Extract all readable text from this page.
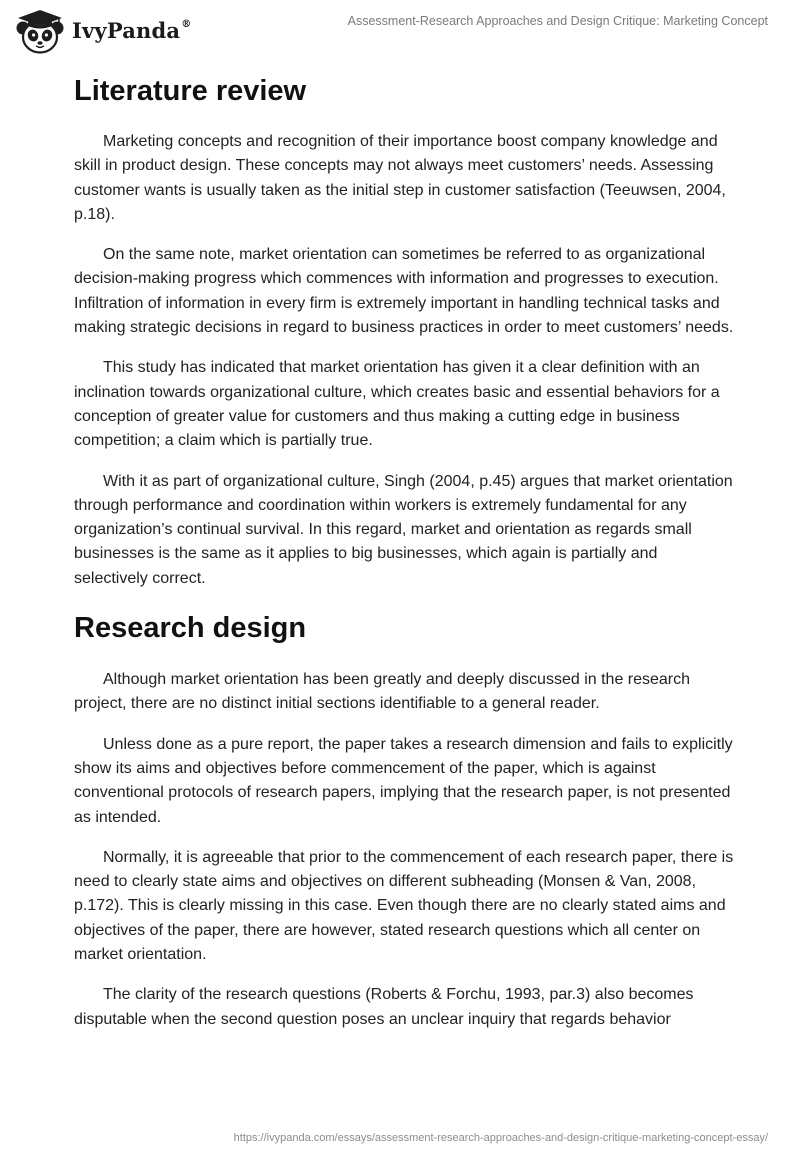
IvyPanda®	Assessment-Research Approaches and Design Critique: Marketing Concept
Literature review

Marketing concepts and recognition of their importance boost company knowledge and skill in product design. These concepts may not always meet customers’ needs. Assessing customer wants is usually taken as the initial step in customer satisfaction (Teeuwsen, 2004, p.18).

On the same note, market orientation can sometimes be referred to as organizational decision-making progress which commences with information and progresses to execution. Infiltration of information in every firm is extremely important in handling technical tasks and making strategic decisions in regard to business practices in order to meet customers’ needs.

This study has indicated that market orientation has given it a clear definition with an inclination towards organizational culture, which creates basic and essential behaviors for a conception of greater value for customers and thus making a cutting edge in business competition; a claim which is partially true.

With it as part of organizational culture, Singh (2004, p.45) argues that market orientation through performance and coordination within workers is extremely fundamental for any organization’s continual survival. In this regard, market and orientation as regards small businesses is the same as it applies to big businesses, which again is partially and selectively correct.

Research design

Although market orientation has been greatly and deeply discussed in the research project, there are no distinct initial sections identifiable to a general reader.

Unless done as a pure report, the paper takes a research dimension and fails to explicitly show its aims and objectives before commencement of the paper, which is against conventional protocols of research papers, implying that the research paper, is not presented as intended.

Normally, it is agreeable that prior to the commencement of each research paper, there is need to clearly state aims and objectives on different subheading (Monsen & Van, 2008, p.172). This is clearly missing in this case. Even though there are no clearly stated aims and objectives of the paper, there are however, stated research questions which all center on market orientation.

The clarity of the research questions (Roberts & Forchu, 1993, par.3) also becomes disputable when the second question poses an unclear inquiry that regards behavior

https://ivypanda.com/essays/assessment-research-approaches-and-design-critique-marketing-concept-essay/
